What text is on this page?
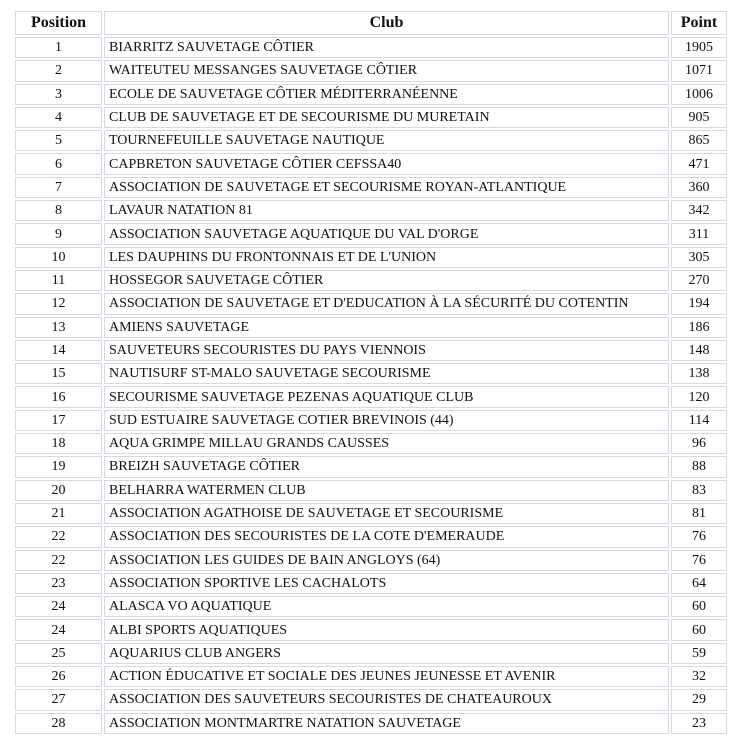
Position	Club	Point
1	BIARRITZ SAUVETAGE CÔTIER	1905
2	WAITEUTEU MESSANGES SAUVETAGE CÔTIER	1071
3	ECOLE DE SAUVETAGE CÔTIER MÉDITERRANÉENNE	1006
4	CLUB DE SAUVETAGE ET DE SECOURISME DU MURETAIN	905
5	TOURNEFEUILLE SAUVETAGE NAUTIQUE	865
6	CAPBRETON SAUVETAGE CÔTIER CEFSSA40	471
7	ASSOCIATION DE SAUVETAGE ET SECOURISME ROYAN-ATLANTIQUE	360
8	LAVAUR NATATION 81	342
9	ASSOCIATION SAUVETAGE AQUATIQUE DU VAL D'ORGE	311
10	LES DAUPHINS DU FRONTONNAIS ET DE L'UNION	305
11	HOSSEGOR SAUVETAGE CÔTIER	270
12	ASSOCIATION DE SAUVETAGE ET D'EDUCATION À LA SÉCURITÉ DU COTENTIN	194
13	AMIENS SAUVETAGE	186
14	SAUVETEURS SECOURISTES DU PAYS VIENNOIS	148
15	NAUTISURF ST-MALO SAUVETAGE SECOURISME	138
16	SECOURISME SAUVETAGE PEZENAS AQUATIQUE CLUB	120
17	SUD ESTUAIRE SAUVETAGE COTIER BREVINOIS (44)	114
18	AQUA GRIMPE MILLAU GRANDS CAUSSES	96
19	BREIZH SAUVETAGE CÔTIER	88
20	BELHARRA WATERMEN CLUB	83
21	ASSOCIATION AGATHOISE DE SAUVETAGE ET SECOURISME	81
22	ASSOCIATION DES SECOURISTES DE LA COTE D'EMERAUDE	76
22	ASSOCIATION LES GUIDES DE BAIN ANGLOYS (64)	76
23	ASSOCIATION SPORTIVE LES CACHALOTS	64
24	ALASCA VO AQUATIQUE	60
24	ALBI SPORTS AQUATIQUES	60
25	AQUARIUS CLUB ANGERS	59
26	ACTION ÉDUCATIVE ET SOCIALE DES JEUNES JEUNESSE ET AVENIR	32
27	ASSOCIATION DES SAUVETEURS SECOURISTES DE CHATEAUROUX	29
28	ASSOCIATION MONTMARTRE NATATION SAUVETAGE	23
